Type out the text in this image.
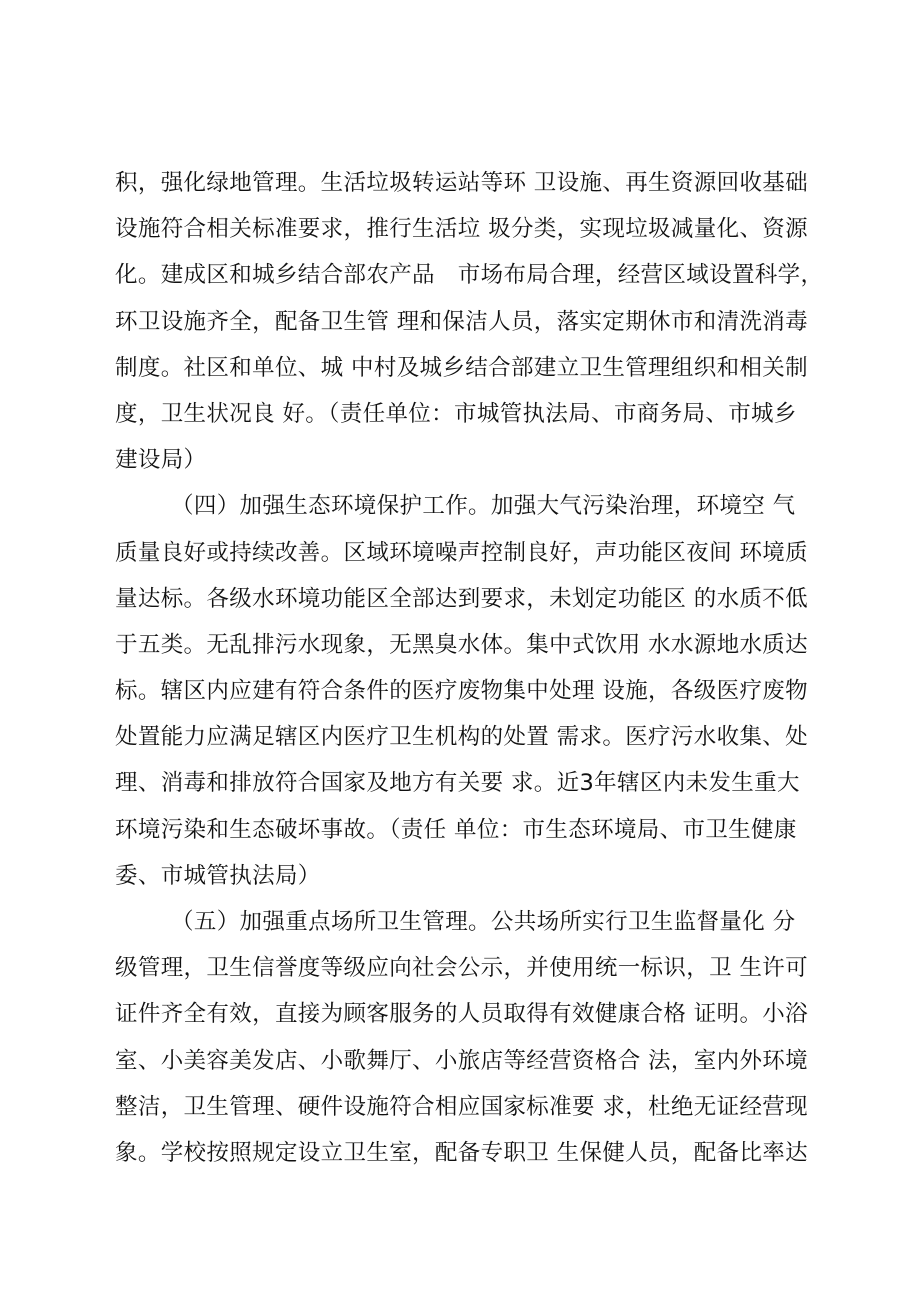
积，强化绿地管理。生活垃圾转运站等环 卫设施、再生资源回收基础
设施符合相关标准要求，推行生活垃 圾分类，实现垃圾减量化、资源
化。建成区和城乡结合部农产品　市场布局合理，经营区域设置科学，
环卫设施齐全，配备卫生管 理和保洁人员，落实定期休市和清洗消毒
制度。社区和单位、城 中村及城乡结合部建立卫生管理组织和相关制
度，卫生状况良 好。（责任单位：市城管执法局、市商务局、市城乡
建设局）
（四）加强生态环境保护工作。加强大气污染治理，环境空 气
质量良好或持续改善。区域环境噪声控制良好，声功能区夜间 环境质
量达标。各级水环境功能区全部达到要求，未划定功能区 的水质不低
于五类。无乱排污水现象，无黑臭水体。集中式饮用 水水源地水质达
标。辖区内应建有符合条件的医疗废物集中处理 设施，各级医疗废物
处置能力应满足辖区内医疗卫生机构的处置 需求。医疗污水收集、处
理、消毒和排放符合国家及地方有关要 求。近3年辖区内未发生重大
环境污染和生态破坏事故。（责任 单位：市生态环境局、市卫生健康
委、市城管执法局）
（五）加强重点场所卫生管理。公共场所实行卫生监督量化 分
级管理，卫生信誉度等级应向社会公示，并使用统一标识，卫 生许可
证件齐全有效，直接为顾客服务的人员取得有效健康合格 证明。小浴
室、小美容美发店、小歌舞厅、小旅店等经营资格合 法，室内外环境
整洁，卫生管理、硬件设施符合相应国家标准要 求，杜绝无证经营现
象。学校按照规定设立卫生室，配备专职卫 生保健人员，配备比率达
